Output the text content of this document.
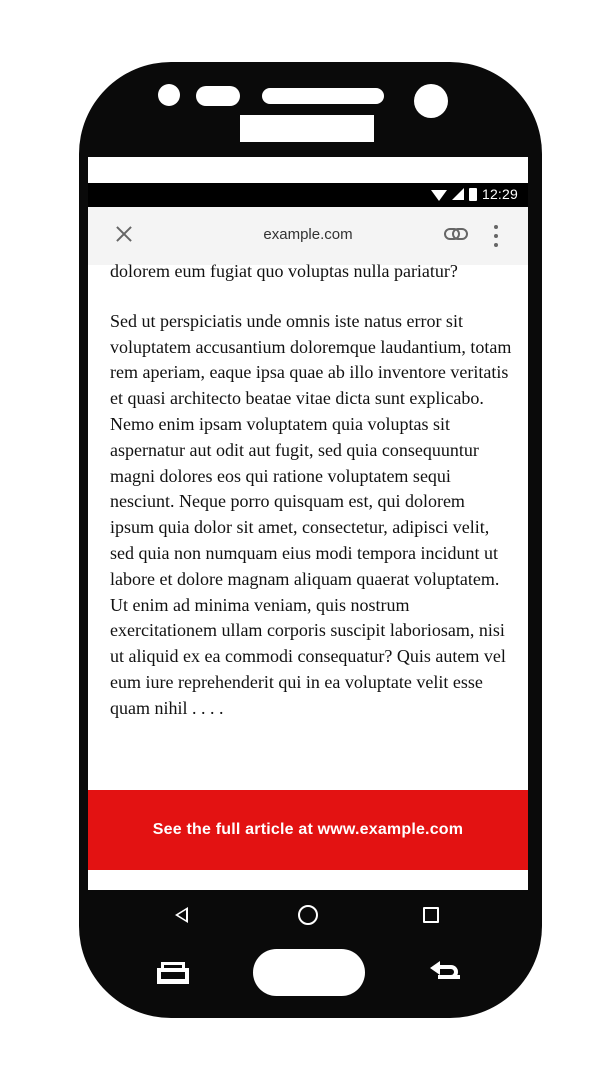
12:29
example.com

dolorem eum fugiat quo voluptas nulla pariatur?

Sed ut perspiciatis unde omnis iste natus error sit voluptatem accusantium doloremque laudantium, totam rem aperiam, eaque ipsa quae ab illo inventore veritatis et quasi architecto beatae vitae dicta sunt explicabo. Nemo enim ipsam voluptatem quia voluptas sit aspernatur aut odit aut fugit, sed quia consequuntur magni dolores eos qui ratione voluptatem sequi nesciunt. Neque porro quisquam est, qui dolorem ipsum quia dolor sit amet, consectetur, adipisci velit, sed quia non numquam eius modi tempora incidunt ut labore et dolore magnam aliquam quaerat voluptatem. Ut enim ad minima veniam, quis nostrum exercitationem ullam corporis suscipit laboriosam, nisi ut aliquid ex ea commodi consequatur? Quis autem vel eum iure reprehenderit qui in ea voluptate velit esse quam nihil . . . .

See the full article at www.example.com
